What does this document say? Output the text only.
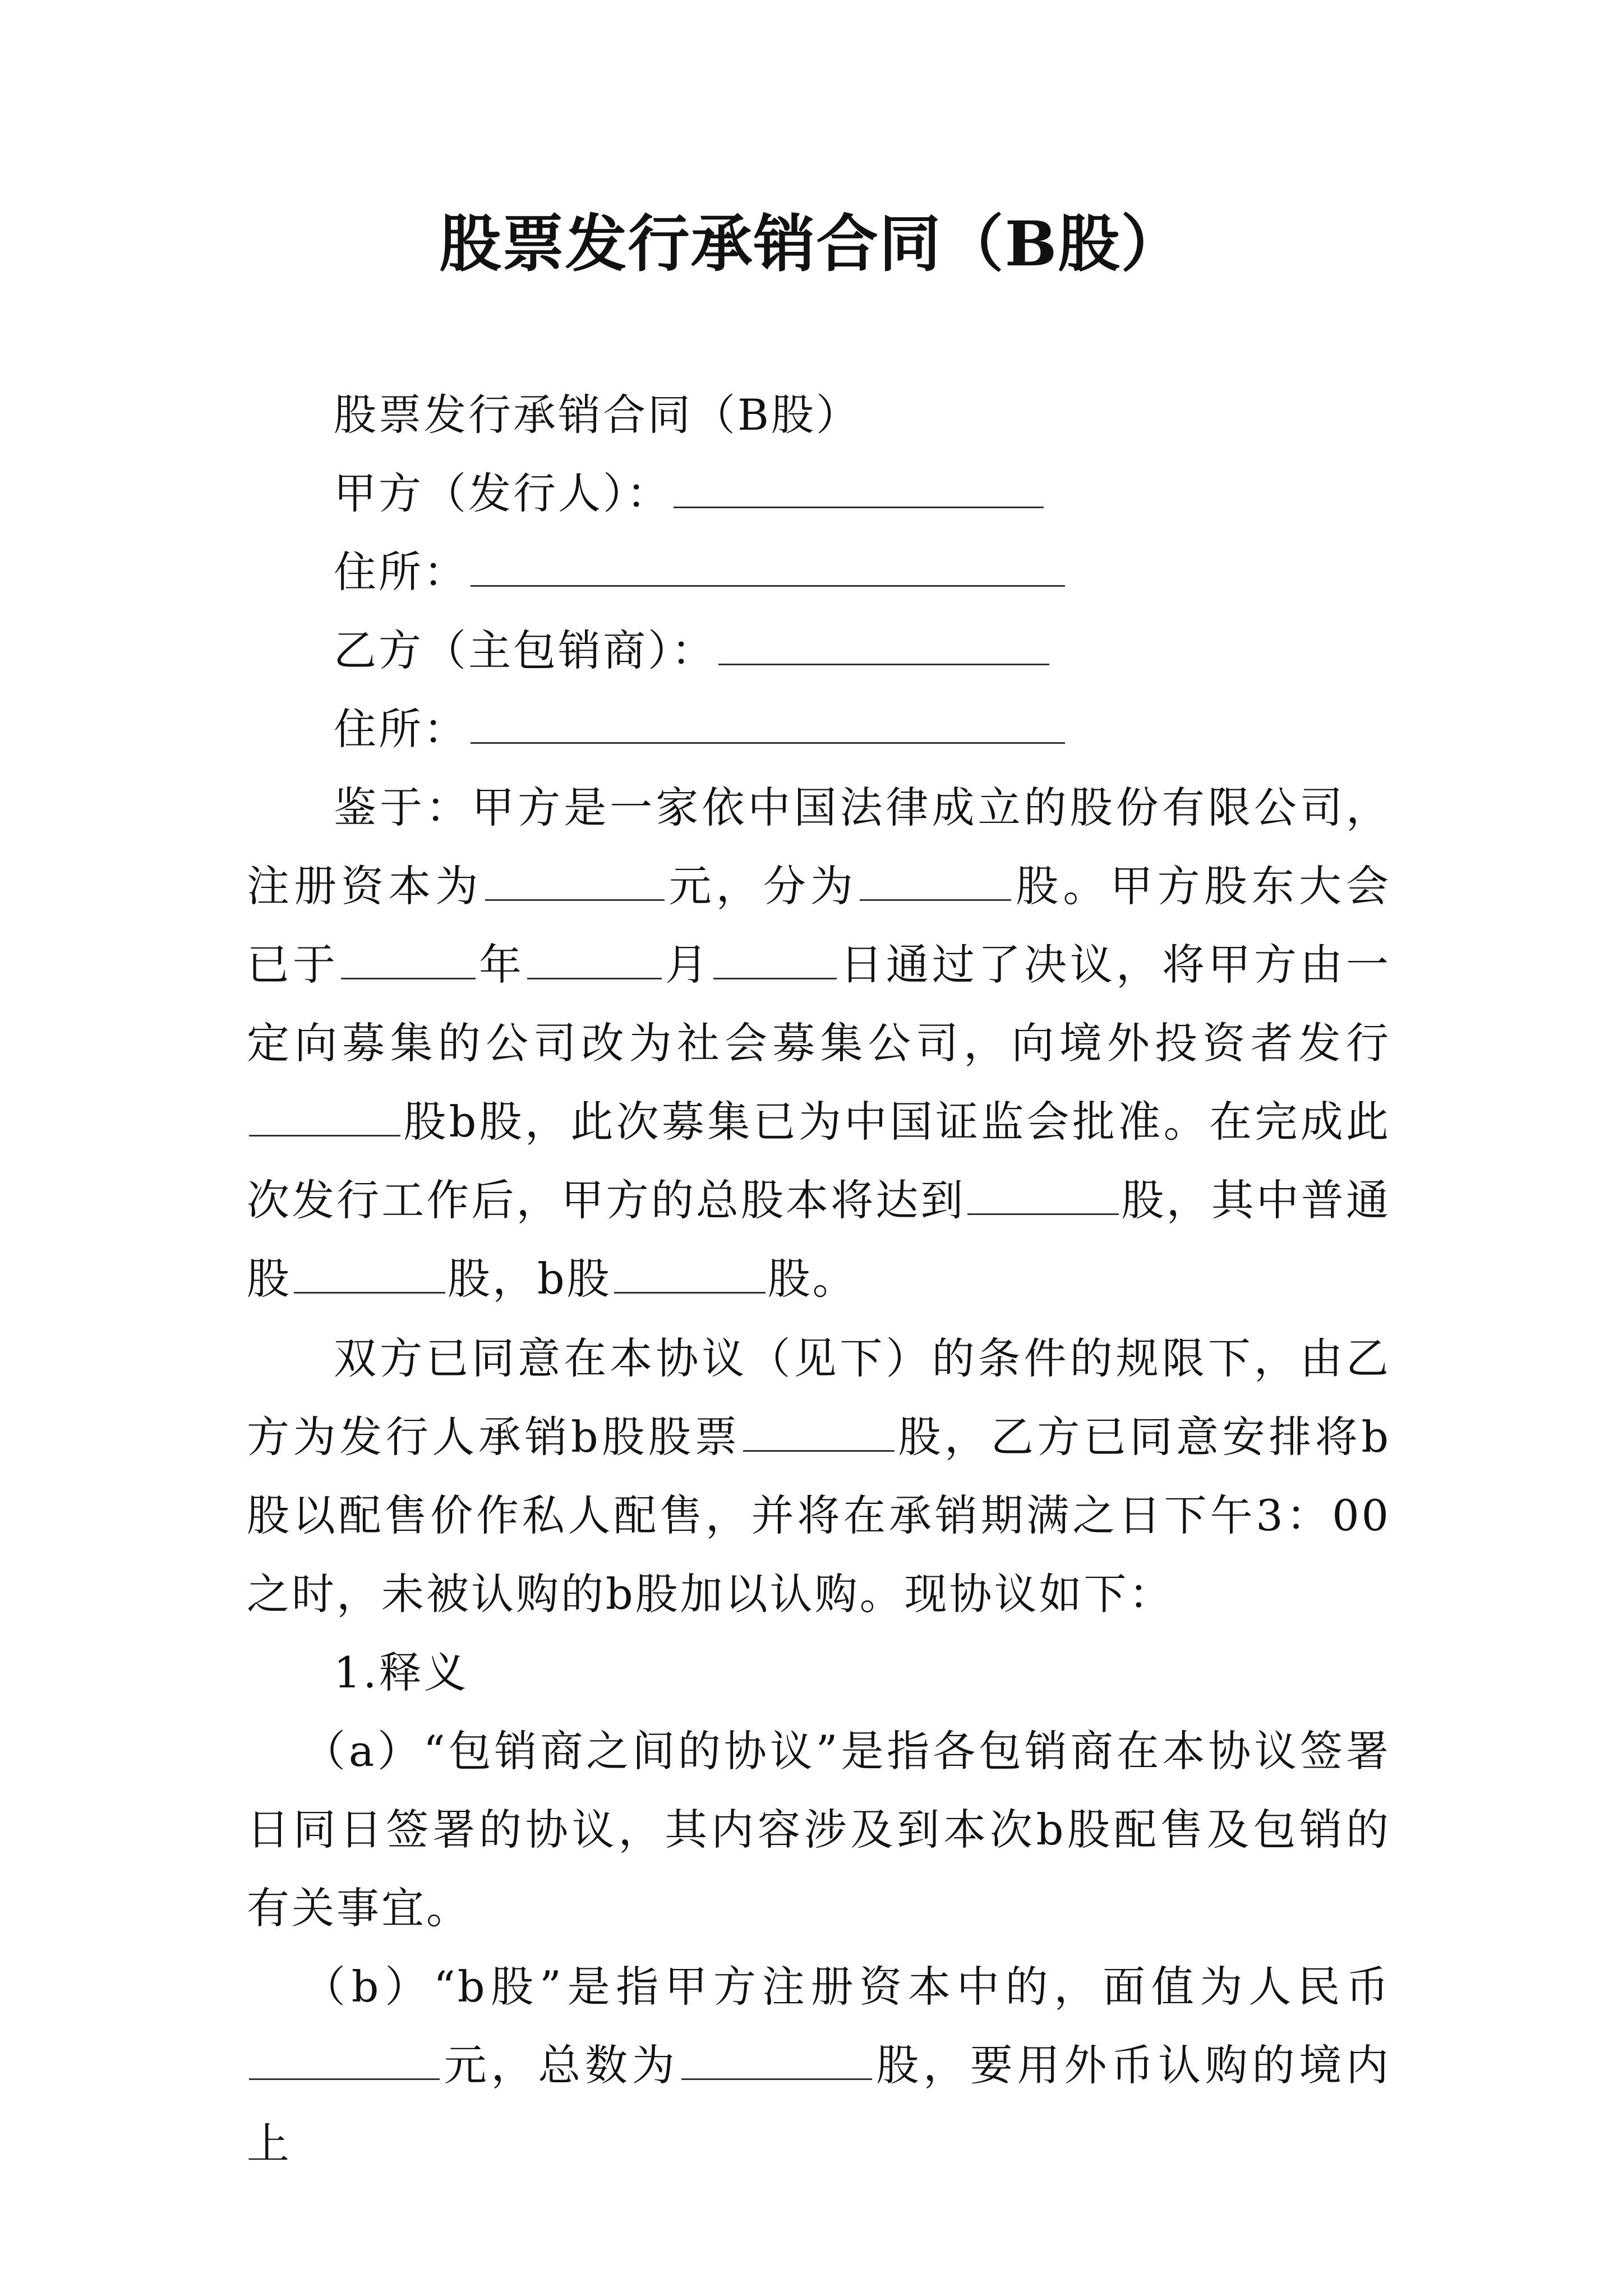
股票发行承销合同（B股）

股票发行承销合同（B股）

甲方（发行人）：

住所：

乙方（主包销商）：

住所：

鉴于：甲方是一家依中国法律成立的股份有限公司，注册资本为	元，分为	股。甲方股东大会已于	年	月	日通过了决议，将甲方由一定向募集的公司改为社会募集公司，向境外投资者发行股b股，此次募集已为中国证监会批准。在完成此次发行工作后，甲方的总股本将达到	股，其中普通股	股，b股	股。

双方已同意在本协议（见下）的条件的规限下，由乙方为发行人承销b股股票	股，乙方已同意安排将b股以配售价作私人配售，并将在承销期满之日下午3：00之时，未被认购的b股加以认购。现协议如下：

1.释义

（a）“包销商之间的协议”是指各包销商在本协议签署日同日签署的协议，其内容涉及到本次b股配售及包销的有关事宜。

（b）“b股”是指甲方注册资本中的，面值为人民币元，总数为	股，要用外币认购的境内上
